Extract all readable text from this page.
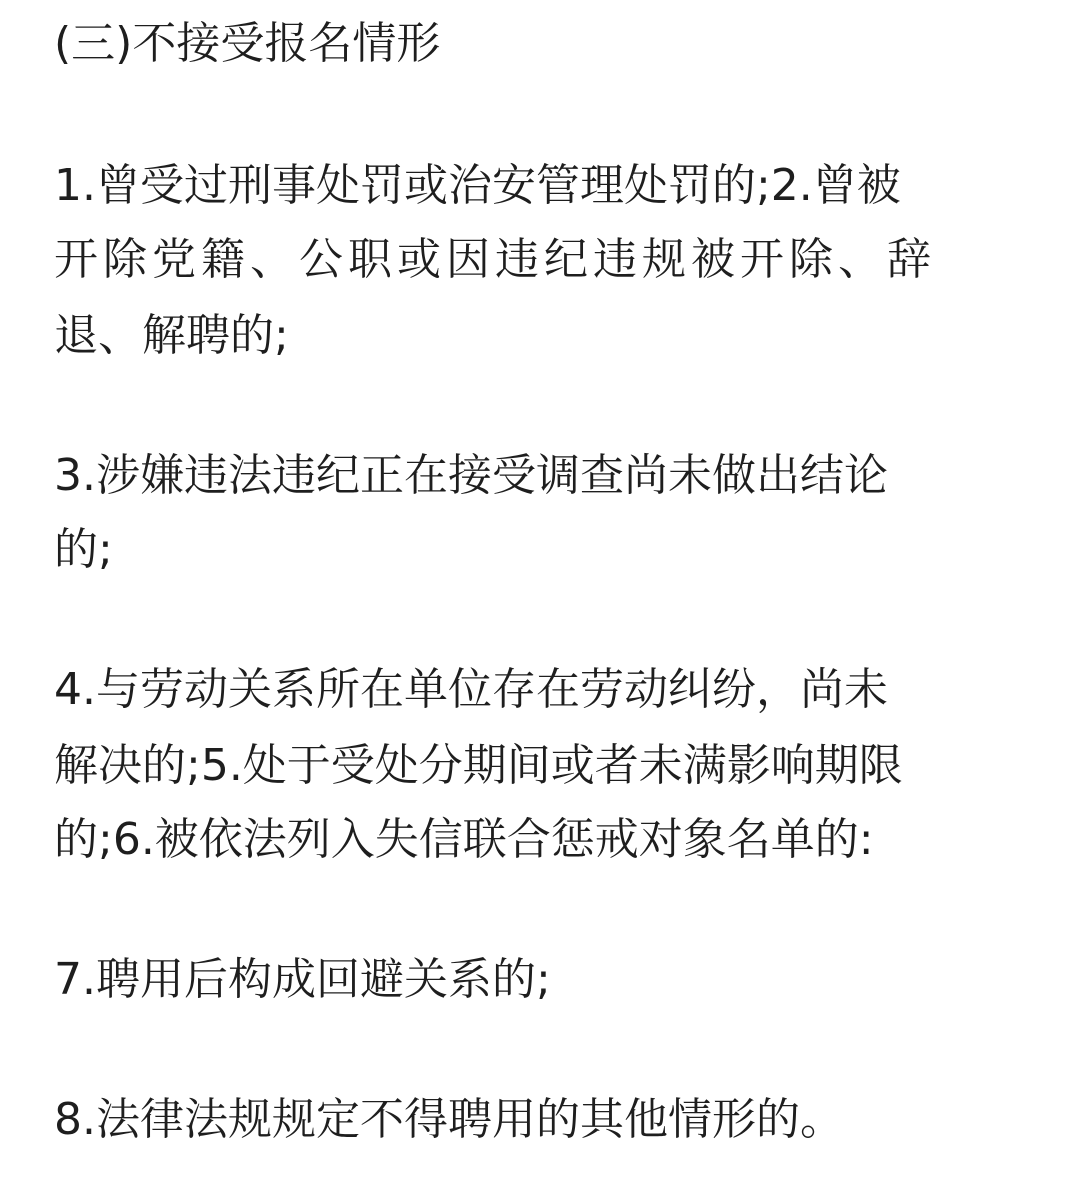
(三)不接受报名情形
1.曾受过刑事处罚或治安管理处罚的;2.曾被
开除党籍、公职或因违纪违规被开除、辞
退、解聘的;
3.涉嫌违法违纪正在接受调查尚未做出结论
的;
4.与劳动关系所在单位存在劳动纠纷，尚未
解决的;5.处于受处分期间或者未满影响期限
的;6.被依法列入失信联合惩戒对象名单的:
7.聘用后构成回避关系的;
8.法律法规规定不得聘用的其他情形的。
